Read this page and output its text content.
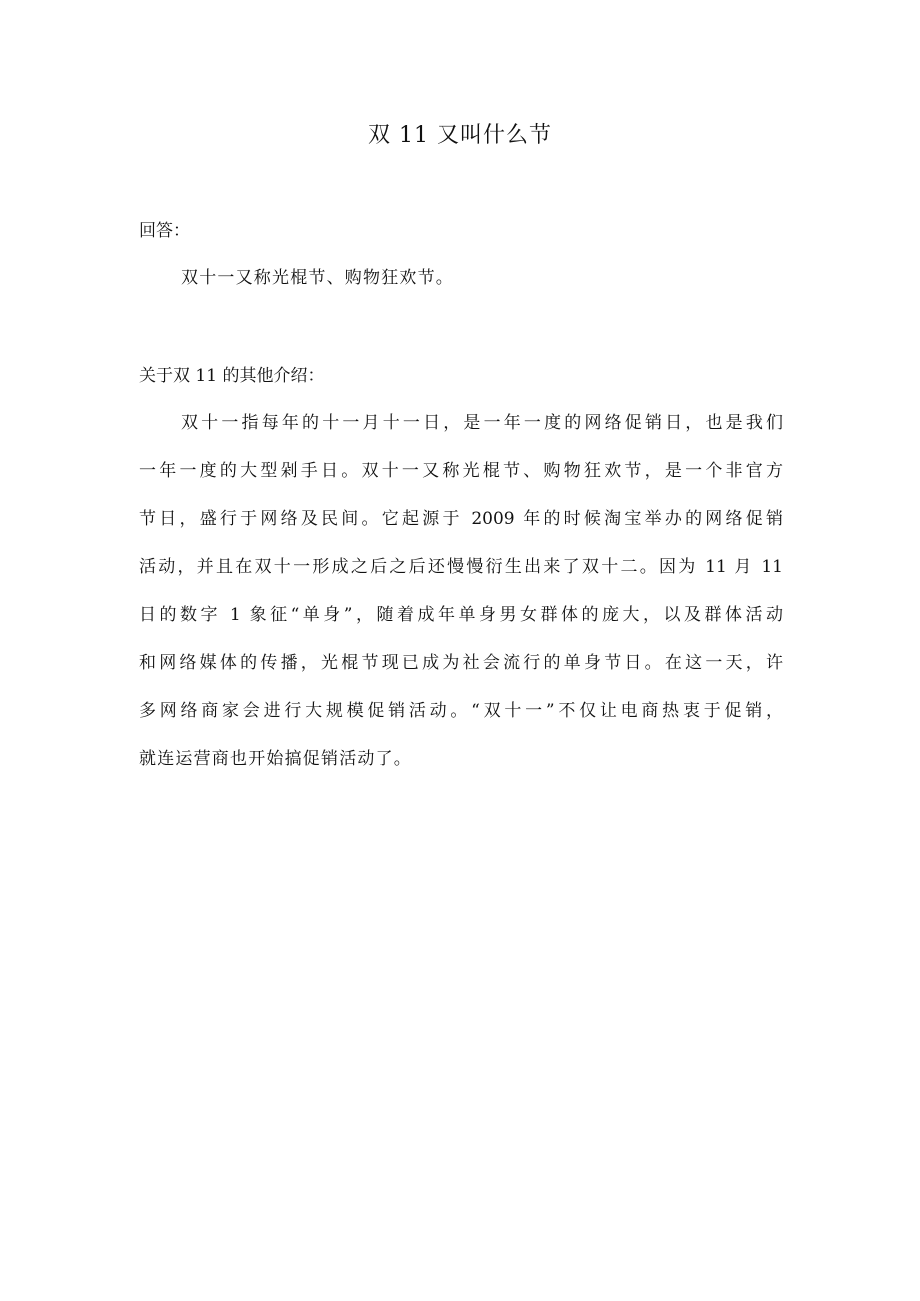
双 11 又叫什么节

回答：

双十一又称光棍节、购物狂欢节。

关于双 11 的其他介绍：

双十一指每年的十一月十一日，是一年一度的网络促销日，也是我们
一年一度的大型剁手日。双十一又称光棍节、购物狂欢节，是一个非官方
节日，盛行于网络及民间。它起源于 2009 年的时候淘宝举办的网络促销
活动，并且在双十一形成之后之后还慢慢衍生出来了双十二。因为 11 月 11
日的数字 1 象征“单身”，随着成年单身男女群体的庞大，以及群体活动
和网络媒体的传播，光棍节现已成为社会流行的单身节日。在这一天，许
多网络商家会进行大规模促销活动。“双十一”不仅让电商热衷于促销，
就连运营商也开始搞促销活动了。
